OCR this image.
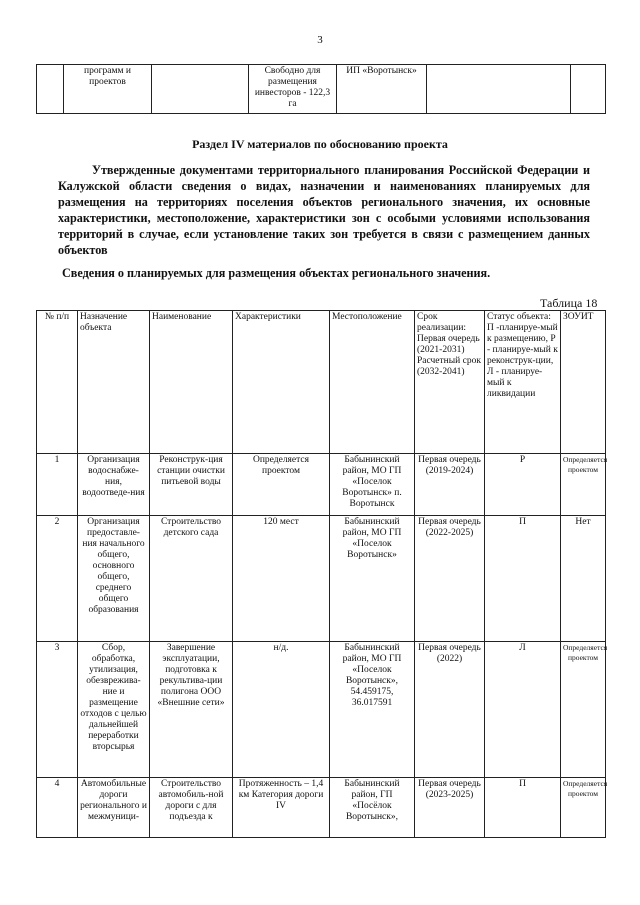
3
	программ и проектов		Свободно для размещения инвесторов - 122,3 га	ИП «Воротынск»		
Раздел IV материалов по обоснованию проекта
Утвержденные документами территориального планирования Российской Федерации и Калужской области сведения о видах, назначении и наименованиях планируемых для размещения на территориях поселения объектов регионального значения, их основные характеристики, местоположение, характеристики зон с особыми условиями использования территорий в случае, если установление таких зон требуется в связи с размещением данных объектов
Сведения о планируемых для размещения объектах регионального значения.
Таблица 18
№ п/п	Назначение объекта	Наименование	Характеристики	Местоположение	Срок реализации: Первая очередь (2021-2031) Расчетный срок (2032-2041)	Статус объекта: П -планируе-мый к размещению, Р - планируе-мый к реконструк-ции, Л - планируе-мый к ликвидации	ЗОУИТ
1	Организация водоснабже-ния, водоотведе-ния	Реконструк-ция станции очистки питьевой воды	Определяется проектом	Бабынинский район, МО ГП «Поселок Воротынск» п. Воротынск	Первая очередь (2019-2024)	Р	Определяется проектом
2	Организация предоставле-ния начального общего, основного общего, среднего общего образования	Строительство детского сада	120 мест	Бабынинский район, МО ГП «Поселок Воротынск»	Первая очередь (2022-2025)	П	Нет
3	Сбор, обработка, утилизация, обезврежива-ние и размещение отходов с целью дальнейшей переработки вторсырья	Завершение эксплуатации, подготовка к рекультива-ции полигона ООО «Внешние сети»	н/д.	Бабынинский район, МО ГП «Поселок Воротынск», 54.459175, 36.017591	Первая очередь (2022)	Л	Определяется проектом
4	Автомобильные дороги регионального и межмуници-	Строительство автомобиль-ной дороги с для подъезда к	Протяженность – 1,4 км Категория дороги IV	Бабынинский район, ГП «Посёлок Воротынск»,	Первая очередь (2023-2025)	П	Определяется проектом
